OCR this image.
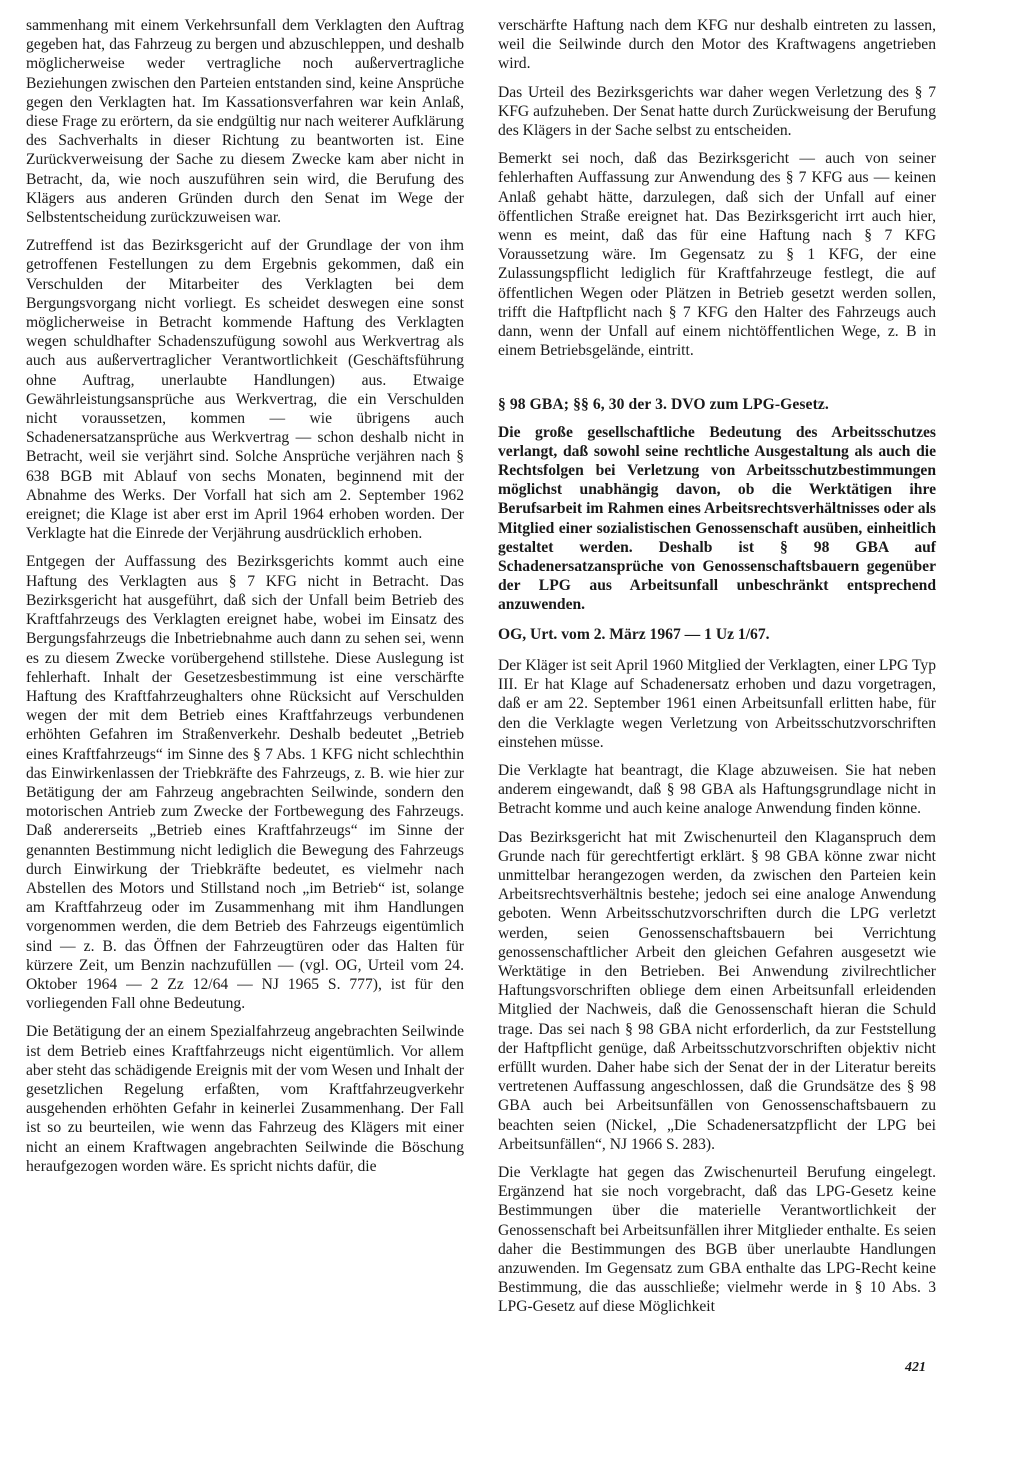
sammenhang mit einem Verkehrsunfall dem Verklagten den Auftrag gegeben hat, das Fahrzeug zu bergen und abzuschleppen, und deshalb möglicherweise weder vertragliche noch außervertragliche Beziehungen zwischen den Parteien entstanden sind, keine Ansprüche gegen den Verklagten hat. Im Kassationsverfahren war kein Anlaß, diese Frage zu erörtern, da sie endgültig nur nach weiterer Aufklärung des Sachverhalts in dieser Richtung zu beantworten ist. Eine Zurückverweisung der Sache zu diesem Zwecke kam aber nicht in Betracht, da, wie noch auszuführen sein wird, die Berufung des Klägers aus anderen Gründen durch den Senat im Wege der Selbstentscheidung zurückzuweisen war.

Zutreffend ist das Bezirksgericht auf der Grundlage der von ihm getroffenen Festellungen zu dem Ergebnis gekommen, daß ein Verschulden der Mitarbeiter des Verklagten bei dem Bergungsvorgang nicht vorliegt. Es scheidet deswegen eine sonst möglicherweise in Betracht kommende Haftung des Verklagten wegen schuldhafter Schadenszufügung sowohl aus Werkvertrag als auch aus außervertraglicher Verantwortlichkeit (Geschäftsführung ohne Auftrag, unerlaubte Handlungen) aus. Etwaige Gewährleistungsansprüche aus Werkvertrag, die ein Verschulden nicht voraussetzen, kommen — wie übrigens auch Schadenersatzansprüche aus Werkvertrag — schon deshalb nicht in Betracht, weil sie verjährt sind. Solche Ansprüche verjähren nach § 638 BGB mit Ablauf von sechs Monaten, beginnend mit der Abnahme des Werks. Der Vorfall hat sich am 2. September 1962 ereignet; die Klage ist aber erst im April 1964 erhoben worden. Der Verklagte hat die Einrede der Verjährung ausdrücklich erhoben.

Entgegen der Auffassung des Bezirksgerichts kommt auch eine Haftung des Verklagten aus § 7 KFG nicht in Betracht. Das Bezirksgericht hat ausgeführt, daß sich der Unfall beim Betrieb des Kraftfahrzeugs des Verklagten ereignet habe, wobei im Einsatz des Bergungsfahrzeugs die Inbetriebnahme auch dann zu sehen sei, wenn es zu diesem Zwecke vorübergehend stillstehe. Diese Auslegung ist fehlerhaft. Inhalt der Gesetzesbestimmung ist eine verschärfte Haftung des Kraftfahrzeughalters ohne Rücksicht auf Verschulden wegen der mit dem Betrieb eines Kraftfahrzeugs verbundenen erhöhten Gefahren im Straßenverkehr. Deshalb bedeutet „Betrieb eines Kraftfahrzeugs“ im Sinne des § 7 Abs. 1 KFG nicht schlechthin das Einwirkenlassen der Triebkräfte des Fahrzeugs, z. B. wie hier zur Betätigung der am Fahrzeug angebrachten Seilwinde, sondern den motorischen Antrieb zum Zwecke der Fortbewegung des Fahrzeugs. Daß andererseits „Betrieb eines Kraftfahrzeugs“ im Sinne der genannten Bestimmung nicht lediglich die Bewegung des Fahrzeugs durch Einwirkung der Triebkräfte bedeutet, es vielmehr nach Abstellen des Motors und Stillstand noch „im Betrieb“ ist, solange am Kraftfahrzeug oder im Zusammenhang mit ihm Handlungen vorgenommen werden, die dem Betrieb des Fahrzeugs eigentümlich sind — z. B. das Öffnen der Fahrzeugtüren oder das Halten für kürzere Zeit, um Benzin nachzufüllen — (vgl. OG, Urteil vom 24. Oktober 1964 — 2 Zz 12/64 — NJ 1965 S. 777), ist für den vorliegenden Fall ohne Bedeutung.

Die Betätigung der an einem Spezialfahrzeug angebrachten Seilwinde ist dem Betrieb eines Kraftfahrzeugs nicht eigentümlich. Vor allem aber steht das schädigende Ereignis mit der vom Wesen und Inhalt der gesetzlichen Regelung erfaßten, vom Kraftfahrzeugverkehr ausgehenden erhöhten Gefahr in keinerlei Zusammenhang. Der Fall ist so zu beurteilen, wie wenn das Fahrzeug des Klägers mit einer nicht an einem Kraftwagen angebrachten Seilwinde die Böschung heraufgezogen worden wäre. Es spricht nichts dafür, die

verschärfte Haftung nach dem KFG nur deshalb eintreten zu lassen, weil die Seilwinde durch den Motor des Kraftwagens angetrieben wird.

Das Urteil des Bezirksgerichts war daher wegen Verletzung des § 7 KFG aufzuheben. Der Senat hatte durch Zurückweisung der Berufung des Klägers in der Sache selbst zu entscheiden.

Bemerkt sei noch, daß das Bezirksgericht — auch von seiner fehlerhaften Auffassung zur Anwendung des § 7 KFG aus — keinen Anlaß gehabt hätte, darzulegen, daß sich der Unfall auf einer öffentlichen Straße ereignet hat. Das Bezirksgericht irrt auch hier, wenn es meint, daß das für eine Haftung nach § 7 KFG Voraussetzung wäre. Im Gegensatz zu § 1 KFG, der eine Zulassungspflicht lediglich für Kraftfahrzeuge festlegt, die auf öffentlichen Wegen oder Plätzen in Betrieb gesetzt werden sollen, trifft die Haftpflicht nach § 7 KFG den Halter des Fahrzeugs auch dann, wenn der Unfall auf einem nichtöffentlichen Wege, z. B in einem Betriebsgelände, eintritt.

§ 98 GBA; §§ 6, 30 der 3. DVO zum LPG-Gesetz.

Die große gesellschaftliche Bedeutung des Arbeitsschutzes verlangt, daß sowohl seine rechtliche Ausgestaltung als auch die Rechtsfolgen bei Verletzung von Arbeitsschutzbestimmungen möglichst unabhängig davon, ob die Werktätigen ihre Berufsarbeit im Rahmen eines Arbeitsrechtsverhältnisses oder als Mitglied einer sozialistischen Genossenschaft ausüben, einheitlich gestaltet werden. Deshalb ist § 98 GBA auf Schadenersatzansprüche von Genossenschaftsbauern gegenüber der LPG aus Arbeitsunfall unbeschränkt entsprechend anzuwenden.

OG, Urt. vom 2. März 1967 — 1 Uz 1/67.

Der Kläger ist seit April 1960 Mitglied der Verklagten, einer LPG Typ III. Er hat Klage auf Schadenersatz erhoben und dazu vorgetragen, daß er am 22. September 1961 einen Arbeitsunfall erlitten habe, für den die Verklagte wegen Verletzung von Arbeitsschutzvorschriften einstehen müsse.

Die Verklagte hat beantragt, die Klage abzuweisen. Sie hat neben anderem eingewandt, daß § 98 GBA als Haftungsgrundlage nicht in Betracht komme und auch keine analoge Anwendung finden könne.

Das Bezirksgericht hat mit Zwischenurteil den Klaganspruch dem Grunde nach für gerechtfertigt erklärt. § 98 GBA könne zwar nicht unmittelbar herangezogen werden, da zwischen den Parteien kein Arbeitsrechtsverhältnis bestehe; jedoch sei eine analoge Anwendung geboten. Wenn Arbeitsschutzvorschriften durch die LPG verletzt werden, seien Genossenschaftsbauern bei Verrichtung genossenschaftlicher Arbeit den gleichen Gefahren ausgesetzt wie Werktätige in den Betrieben. Bei Anwendung zivilrechtlicher Haftungsvorschriften obliege dem einen Arbeitsunfall erleidenden Mitglied der Nachweis, daß die Genossenschaft hieran die Schuld trage. Das sei nach § 98 GBA nicht erforderlich, da zur Feststellung der Haftpflicht genüge, daß Arbeitsschutzvorschriften objektiv nicht erfüllt wurden. Daher habe sich der Senat der in der Literatur bereits vertretenen Auffassung angeschlossen, daß die Grundsätze des § 98 GBA auch bei Arbeitsunfällen von Genossenschaftsbauern zu beachten seien (Nickel, „Die Schadenersatzpflicht der LPG bei Arbeitsunfällen“, NJ 1966 S. 283).

Die Verklagte hat gegen das Zwischenurteil Berufung eingelegt. Ergänzend hat sie noch vorgebracht, daß das LPG-Gesetz keine Bestimmungen über die materielle Verantwortlichkeit der Genossenschaft bei Arbeitsunfällen ihrer Mitglieder enthalte. Es seien daher die Bestimmungen des BGB über unerlaubte Handlungen anzuwenden. Im Gegensatz zum GBA enthalte das LPG-Recht keine Bestimmung, die das ausschließe; vielmehr werde in § 10 Abs. 3 LPG-Gesetz auf diese Möglichkeit

421
